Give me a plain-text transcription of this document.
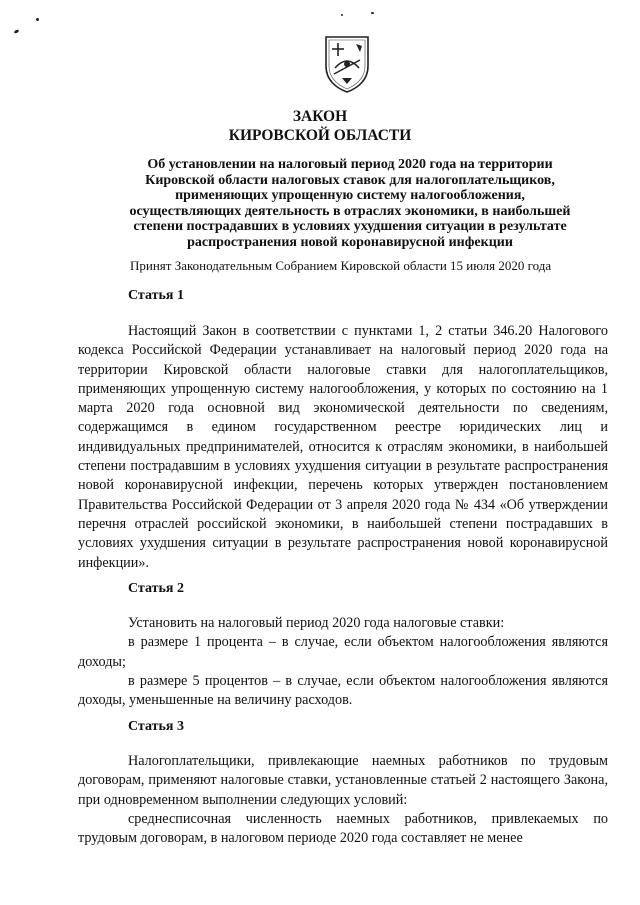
ЗАКОН
КИРОВСКОЙ ОБЛАСТИ
Об установлении на налоговый период 2020 года на территории
Кировской области налоговых ставок для налогоплательщиков,
применяющих упрощенную систему налогообложения,
осуществляющих деятельность в отраслях экономики, в наибольшей
степени пострадавших в условиях ухудшения ситуации в результате
распространения новой коронавирусной инфекции
Принят Законодательным Собранием Кировской области 15 июля 2020 года
Статья 1

Настоящий Закон в соответствии с пунктами 1, 2 статьи 346.20 Налогового кодекса Российской Федерации устанавливает на налоговый период 2020 года на территории Кировской области налоговые ставки для налогоплательщиков, применяющих упрощенную систему налогообложения, у которых по состоянию на 1 марта 2020 года основной вид экономической деятельности по сведениям, содержащимся в едином государственном реестре юридических лиц и индивидуальных предпринимателей, относится к отраслям экономики, в наибольшей степени пострадавшим в условиях ухудшения ситуации в результате распространения новой коронавирусной инфекции, перечень которых утвержден постановлением Правительства Российской Федерации от 3 апреля 2020 года № 434 «Об утверждении перечня отраслей российской экономики, в наибольшей степени пострадавших в условиях ухудшения ситуации в результате распространения новой коронавирусной инфекции».

Статья 2

Установить на налоговый период 2020 года налоговые ставки:

в размере 1 процента – в случае, если объектом налогообложения являются доходы;

в размере 5 процентов – в случае, если объектом налогообложения являются доходы, уменьшенные на величину расходов.

Статья 3

Налогоплательщики, привлекающие наемных работников по трудовым договорам, применяют налоговые ставки, установленные статьей 2 настоящего Закона, при одновременном выполнении следующих условий:

среднесписочная численность наемных работников, привлекаемых по трудовым договорам, в налоговом периоде 2020 года составляет не менее
